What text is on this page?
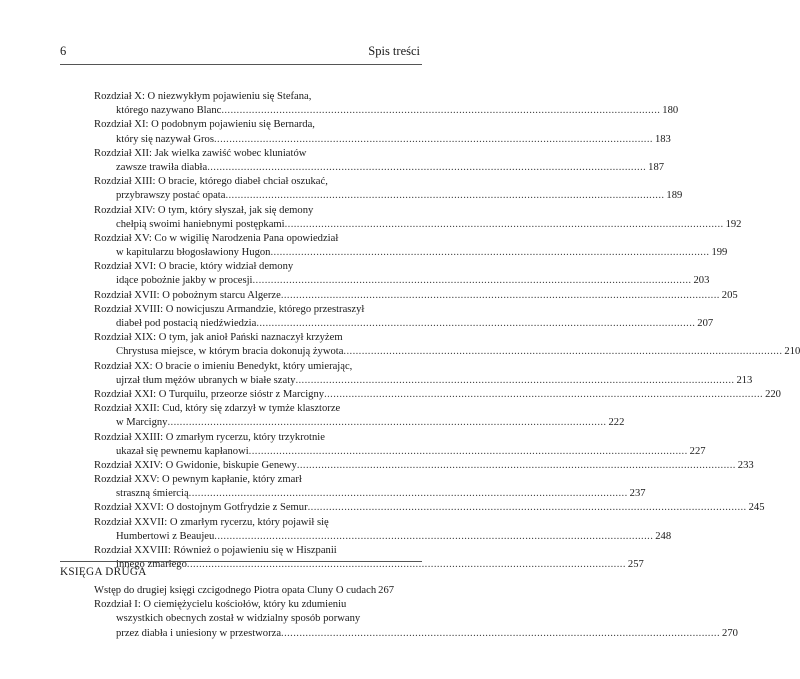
6	Spis treści
Rozdział X: O niezwykłym pojawieniu się Stefana,
którego nazywano Blanc .....	180
Rozdział XI: O podobnym pojawieniu się Bernarda,
który się nazywał Gros .....	183
Rozdział XII: Jak wielka zawiść wobec kluniatów
zawsze trawiła diabła .....	187
Rozdział XIII: O bracie, którego diabeł chciał oszukać,
przybrawszy postać opata .....	189
Rozdział XIV: O tym, który słyszał, jak się demony
chełpią swoimi haniebnymi postępkami .....	192
Rozdział XV: Co w wigilię Narodzenia Pana opowiedział
w kapitularzu błogosławiony Hugon .....	199
Rozdział XVI: O bracie, który widział demony
idące pobożnie jakby w procesji .....	203
Rozdział XVII: O pobożnym starcu Algerze .....	205
Rozdział XVIII: O nowicjuszu Armandzie, którego przestraszył
diabeł pod postacią niedźwiedzia .....	207
Rozdział XIX: O tym, jak anioł Pański naznaczył krzyżem
Chrystusa miejsce, w którym bracia dokonują żywota .....	210
Rozdział XX: O bracie o imieniu Benedykt, który umierając,
ujrzał tłum mężów ubranych w białe szaty .....	213
Rozdział XXI: O Turquilu, przeorze sióstr z Marcigny .....	220
Rozdział XXII: Cud, który się zdarzył w tymże klasztorze
w Marcigny .....	222
Rozdział XXIII: O zmarłym rycerzu, który trzykrotnie
ukazał się pewnemu kapłanowi .....	227
Rozdział XXIV: O Gwidonie, biskupie Genewy .....	233
Rozdział XXV: O pewnym kapłanie, który zmarł
straszną śmiercią .....	237
Rozdział XXVI: O dostojnym Gotfrydzie z Semur .....	245
Rozdział XXVII: O zmarłym rycerzu, który pojawił się
Humbertowi z Beaujeu .....	248
Rozdział XXVIII: Również o pojawieniu się w Hiszpanii
innego zmarłego .....	257
KSIĘGA DRUGA
Wstęp do drugiej księgi czcigodnego Piotra opata Cluny O cudach 267
Rozdział I: O ciemiężycielu kościołów, który ku zdumieniu
wszystkich obecnych został w widzialny sposób porwany
przez diabła i uniesiony w przestworza .....	270
